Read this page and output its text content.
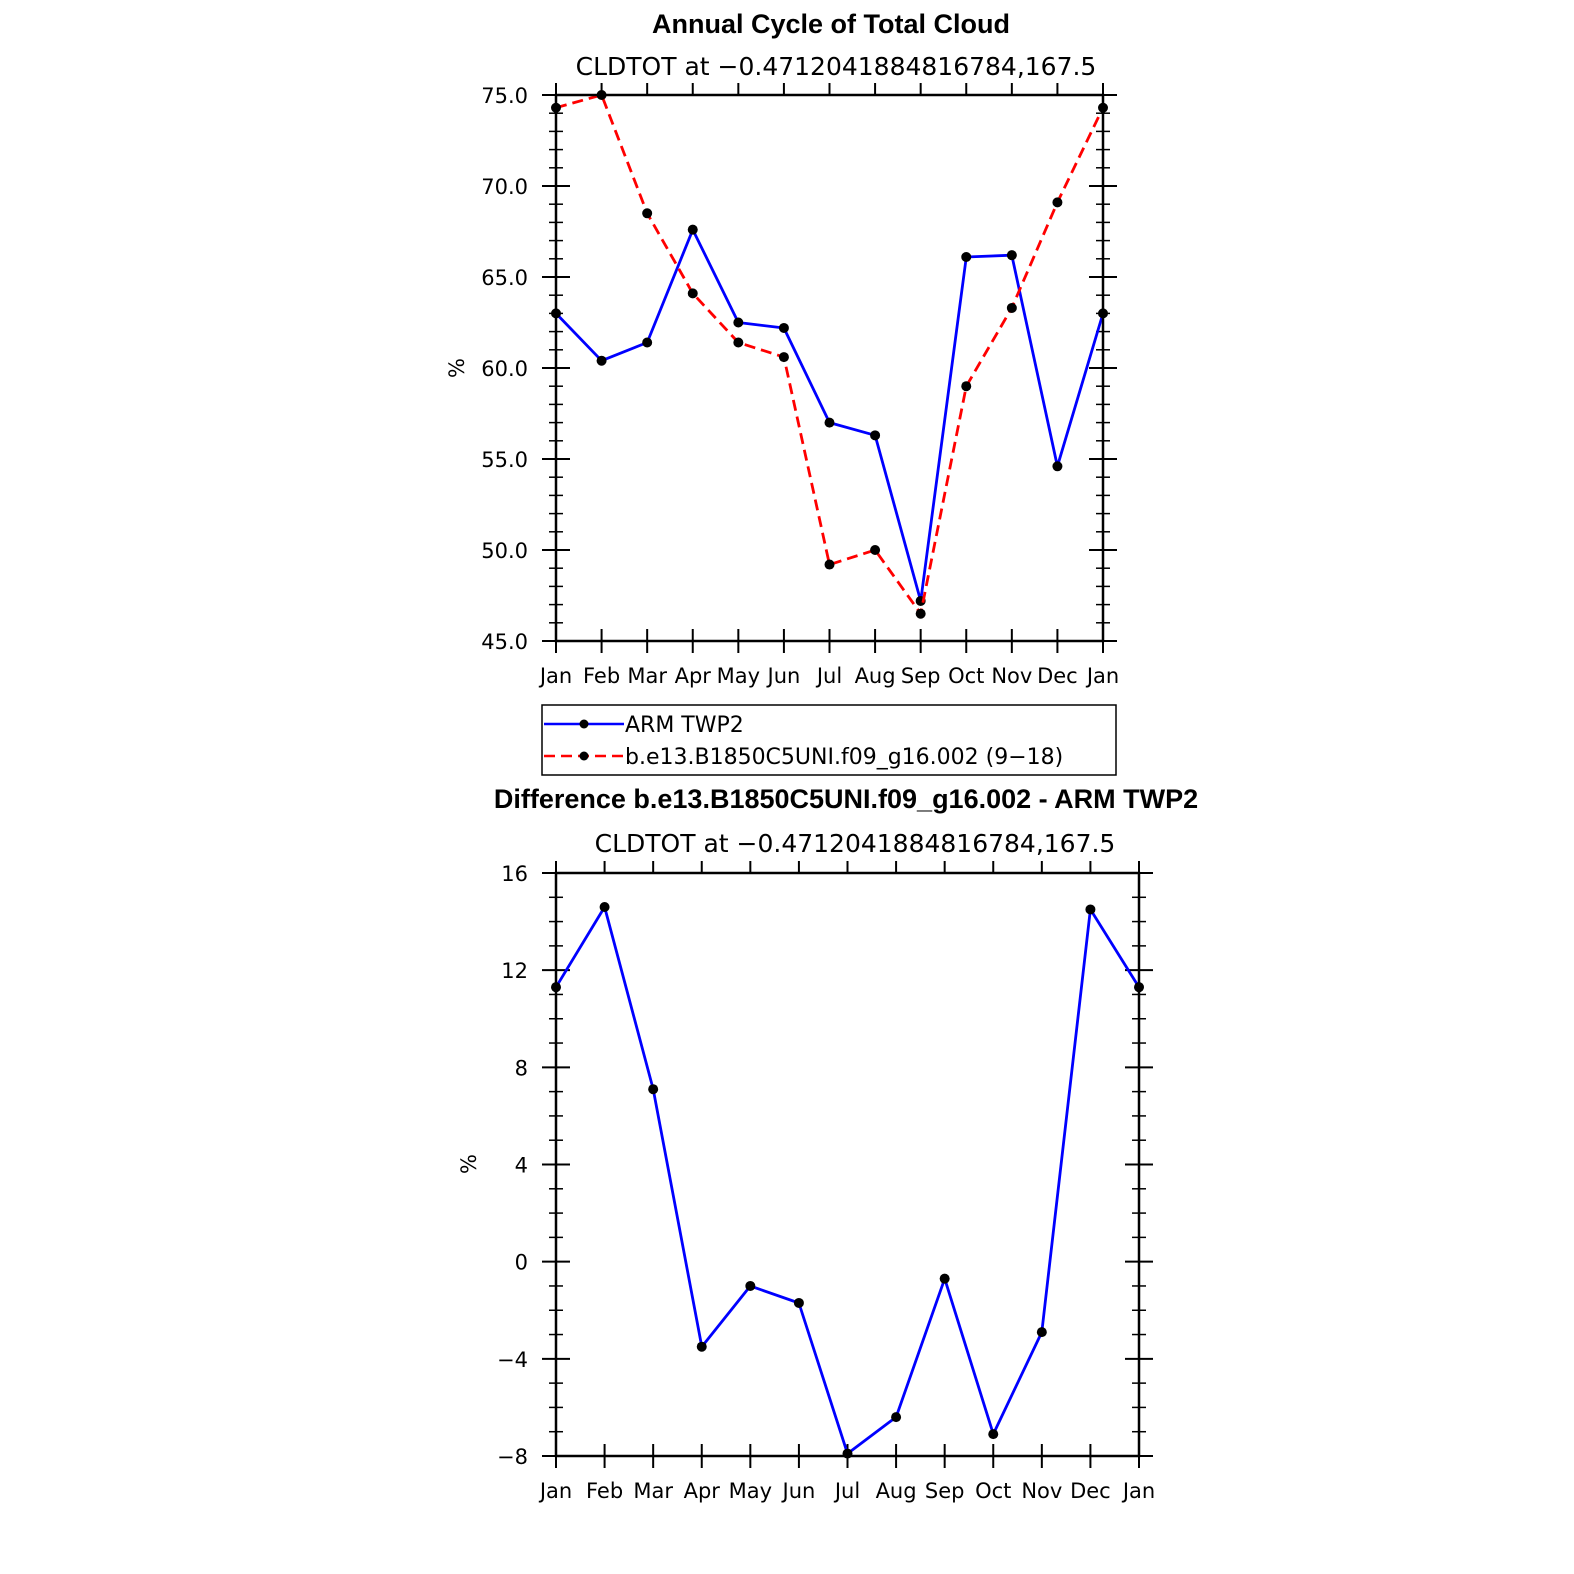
Annual Cycle of Total Cloud
CLDTOT at −0.4712041884816784,167.5
Jan Feb Mar Apr May Jun Jul Aug Sep Oct Nov Dec Jan
45.0
50.0
55.0
60.0
65.0
70.0
75.0
%
ARM TWP2
b.e13.B1850C5UNI.f09_g16.002 (9−18)
Difference b.e13.B1850C5UNI.f09_g16.002 - ARM TWP2
CLDTOT at −0.4712041884816784,167.5
Jan Feb Mar Apr May Jun Jul Aug Sep Oct Nov Dec Jan
−8
−4
0
4
8
12
16
%
